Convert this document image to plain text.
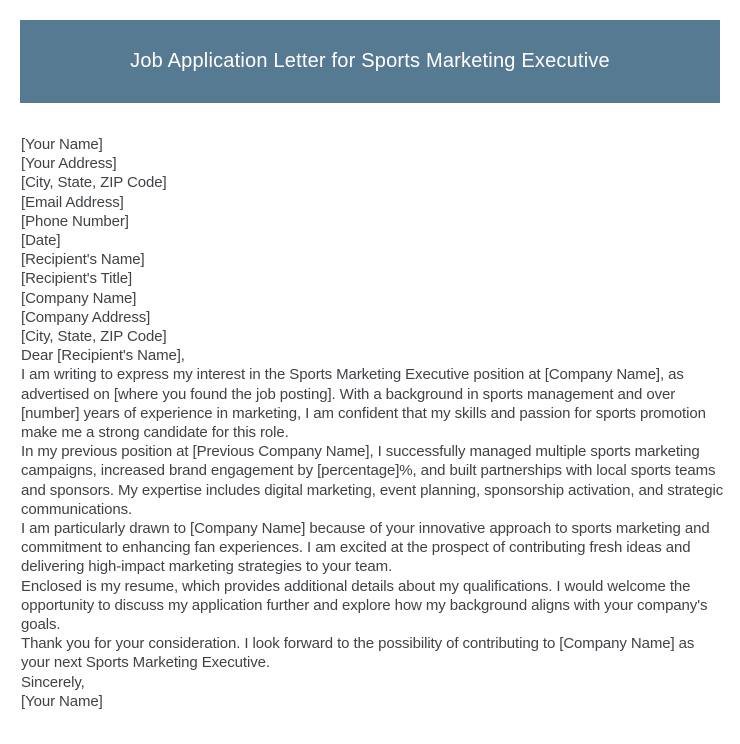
Job Application Letter for Sports Marketing Executive
[Your Name]
[Your Address]
[City, State, ZIP Code]
[Email Address]
[Phone Number]
[Date]
[Recipient's Name]
[Recipient's Title]
[Company Name]
[Company Address]
[City, State, ZIP Code]
Dear [Recipient's Name],

I am writing to express my interest in the Sports Marketing Executive position at [Company Name], as advertised on [where you found the job posting]. With a background in sports management and over [number] years of experience in marketing, I am confident that my skills and passion for sports promotion make me a strong candidate for this role.

In my previous position at [Previous Company Name], I successfully managed multiple sports marketing campaigns, increased brand engagement by [percentage]%, and built partnerships with local sports teams and sponsors. My expertise includes digital marketing, event planning, sponsorship activation, and strategic communications.

I am particularly drawn to [Company Name] because of your innovative approach to sports marketing and commitment to enhancing fan experiences. I am excited at the prospect of contributing fresh ideas and delivering high-impact marketing strategies to your team.

Enclosed is my resume, which provides additional details about my qualifications. I would welcome the opportunity to discuss my application further and explore how my background aligns with your company's goals.

Thank you for your consideration. I look forward to the possibility of contributing to [Company Name] as your next Sports Marketing Executive.

Sincerely,
[Your Name]
